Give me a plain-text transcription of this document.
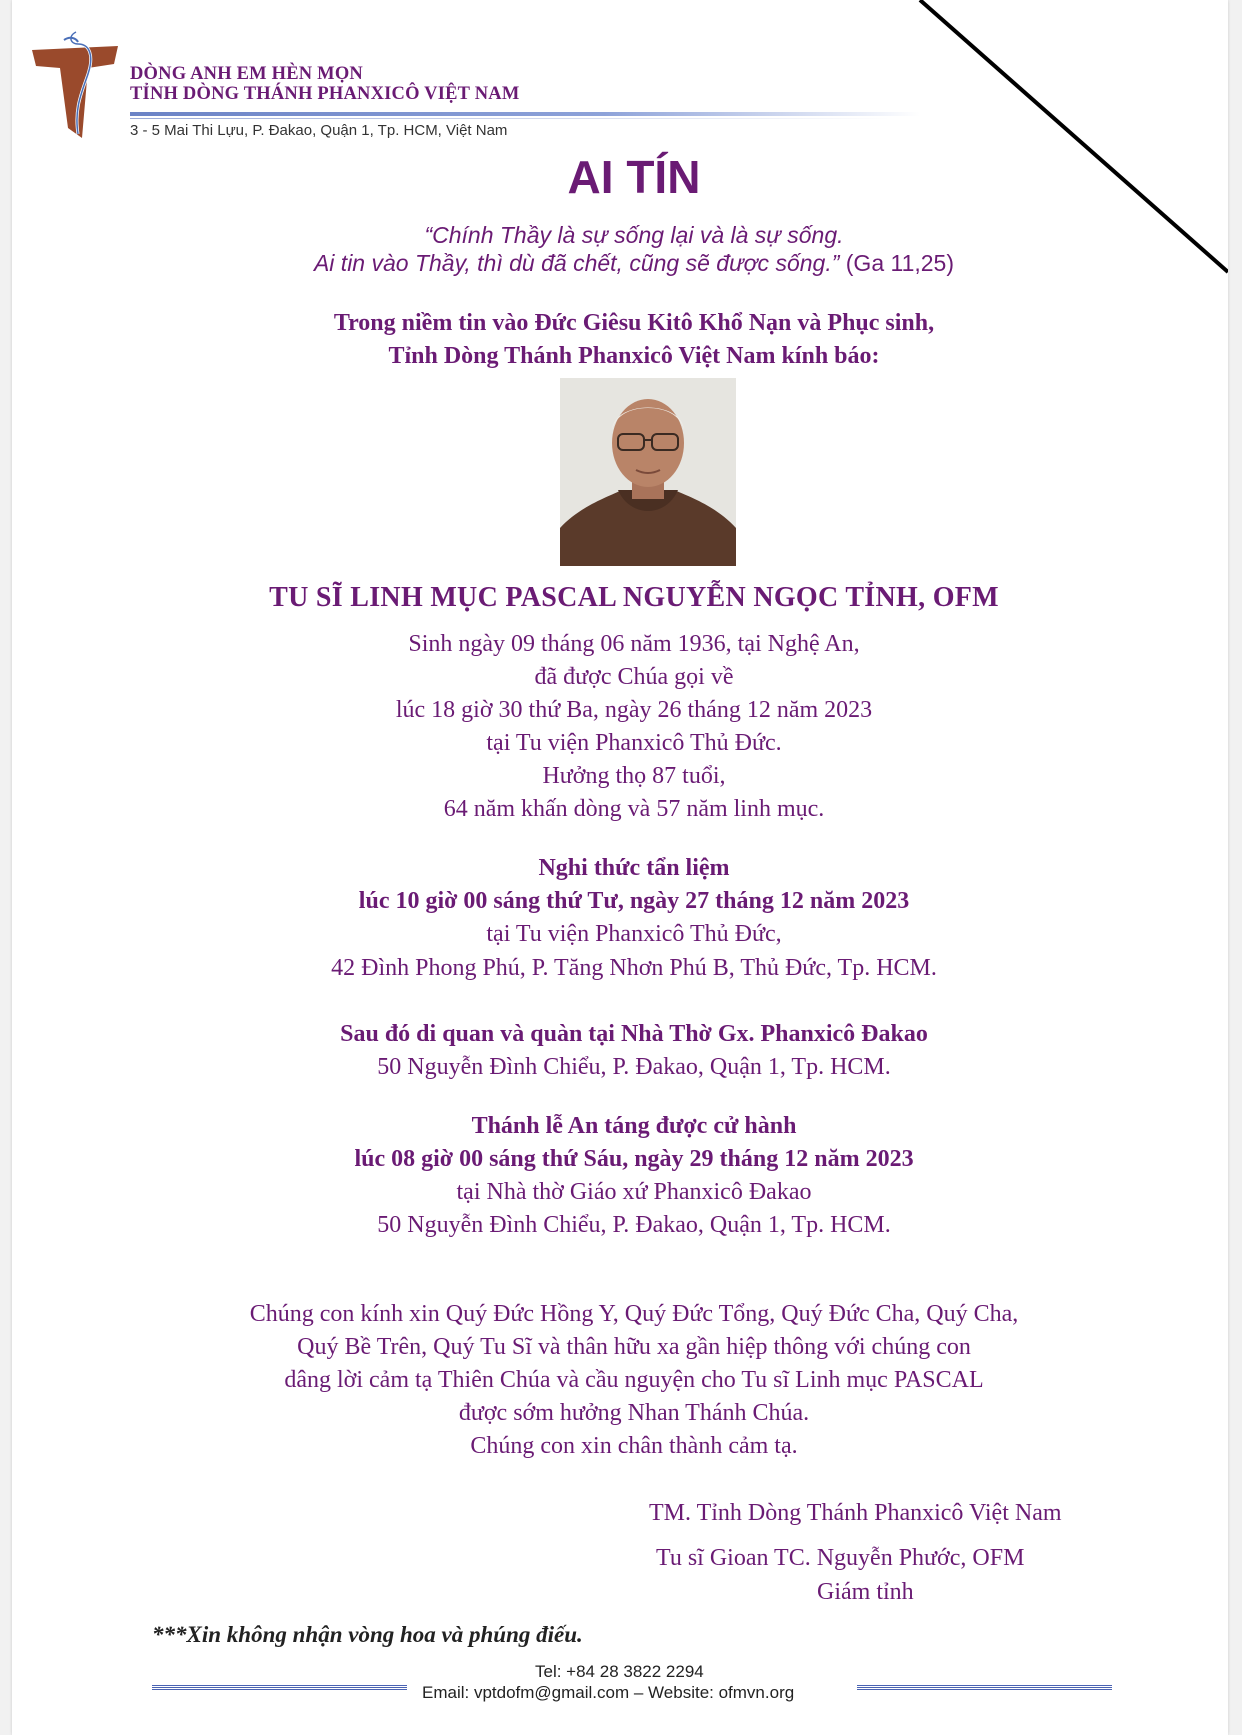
DÒNG ANH EM HÈN MỌN
TỈNH DÒNG THÁNH PHANXICÔ VIỆT NAM
3 - 5 Mai Thi Lựu, P. Đakao, Quận 1, Tp. HCM, Việt Nam
AI TÍN
“Chính Thầy là sự sống lại và là sự sống.
Ai tin vào Thầy, thì dù đã chết, cũng sẽ được sống.” (Ga 11,25)
Trong niềm tin vào Đức Giêsu Kitô Khổ Nạn và Phục sinh,
Tỉnh Dòng Thánh Phanxicô Việt Nam kính báo:
TU SĨ LINH MỤC PASCAL NGUYỄN NGỌC TỈNH, OFM
Sinh ngày 09 tháng 06 năm 1936, tại Nghệ An,
đã được Chúa gọi về
lúc 18 giờ 30 thứ Ba, ngày 26 tháng 12 năm 2023
tại Tu viện Phanxicô Thủ Đức.
Hưởng thọ 87 tuổi,
64 năm khấn dòng và 57 năm linh mục.
Nghi thức tẩn liệm
lúc 10 giờ 00 sáng thứ Tư, ngày 27 tháng 12 năm 2023
tại Tu viện Phanxicô Thủ Đức,
42 Đình Phong Phú, P. Tăng Nhơn Phú B, Thủ Đức, Tp. HCM.
Sau đó di quan và quàn tại Nhà Thờ Gx. Phanxicô Đakao
50 Nguyễn Đình Chiểu, P. Đakao, Quận 1, Tp. HCM.
Thánh lễ An táng được cử hành
lúc 08 giờ 00 sáng thứ Sáu, ngày 29 tháng 12 năm 2023
tại Nhà thờ Giáo xứ Phanxicô Đakao
50 Nguyễn Đình Chiểu, P. Đakao, Quận 1, Tp. HCM.
Chúng con kính xin Quý Đức Hồng Y, Quý Đức Tổng, Quý Đức Cha, Quý Cha,
Quý Bề Trên, Quý Tu Sĩ và thân hữu xa gần hiệp thông với chúng con
dâng lời cảm tạ Thiên Chúa và cầu nguyện cho Tu sĩ Linh mục PASCAL
được sớm hưởng Nhan Thánh Chúa.
Chúng con xin chân thành cảm tạ.
TM. Tỉnh Dòng Thánh Phanxicô Việt Nam
Tu sĩ Gioan TC. Nguyễn Phước, OFM
Giám tỉnh
***Xin không nhận vòng hoa và phúng điếu.
Tel: +84 28 3822 2294
Email: vptdofm@gmail.com – Website: ofmvn.org
